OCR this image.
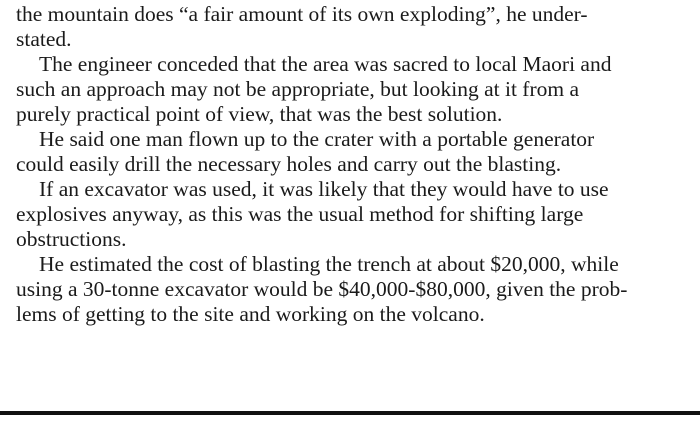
the mountain does “a fair amount of its own exploding”, he under-
stated.

The engineer conceded that the area was sacred to local Maori and
such an approach may not be appropriate, but looking at it from a
purely practical point of view, that was the best solution.

He said one man flown up to the crater with a portable generator
could easily drill the necessary holes and carry out the blasting.

If an excavator was used, it was likely that they would have to use
explosives anyway, as this was the usual method for shifting large
obstructions.

He estimated the cost of blasting the trench at about $20,000, while
using a 30-tonne excavator would be $40,000-$80,000, given the prob-
lems of getting to the site and working on the volcano.
